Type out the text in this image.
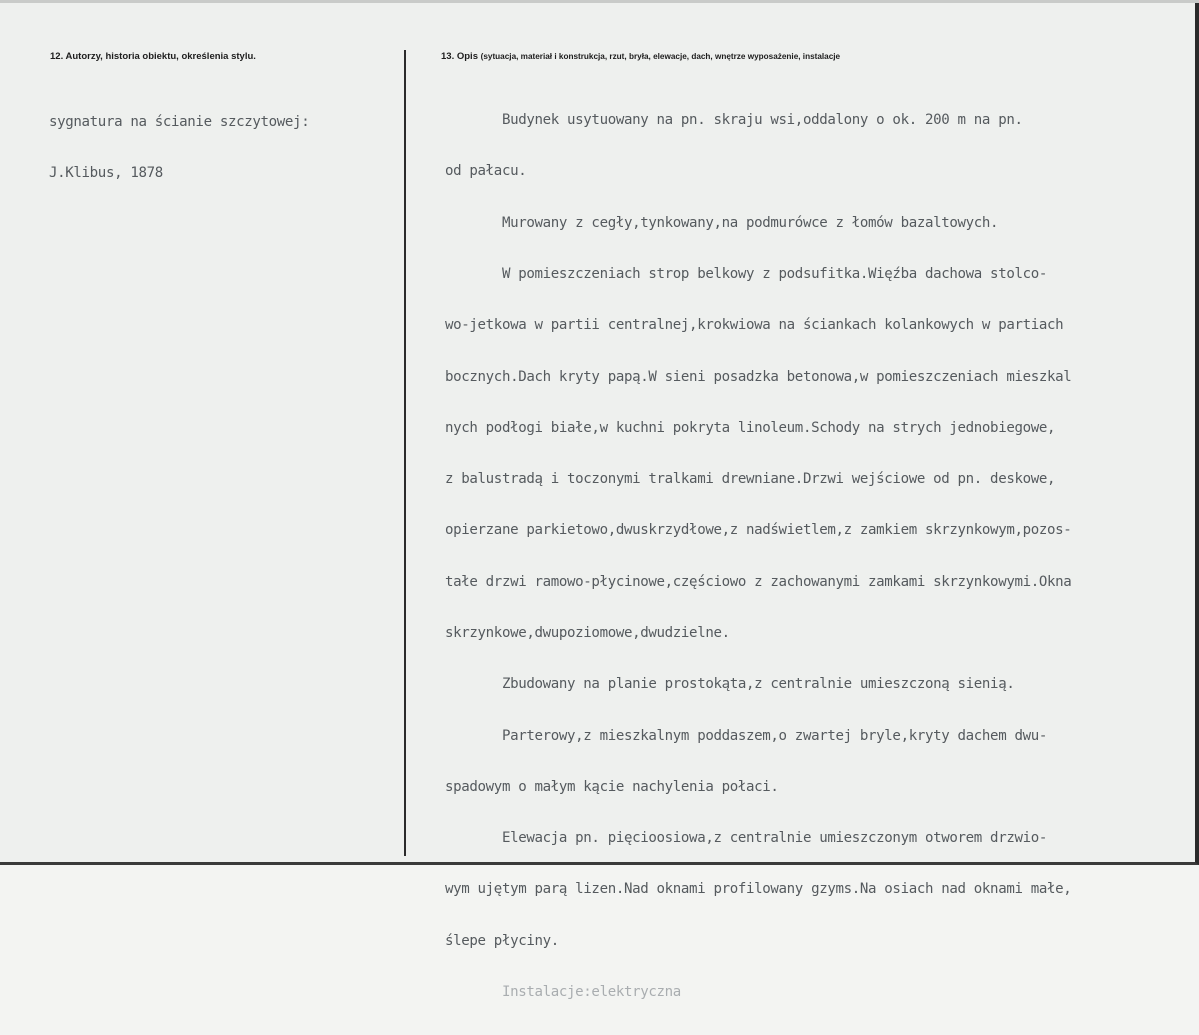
12. Autorzy, historia obiektu, określenia stylu.	13. Opis (sytuacja, materiał i konstrukcja, rzut, bryła, elewacje, dach, wnętrze wyposażenie, instalacje

sygnatura na ścianie szczytowej:

J.Klibus, 1878

Budynek usytuowany na pn. skraju wsi,oddalony o ok. 200 m na pn.

od pałacu.

Murowany z cegły,tynkowany,na podmurówce z łomów bazaltowych.

W pomieszczeniach strop belkowy z podsufitka.Więźba dachowa stolco-

wo-jetkowa w partii centralnej,krokwiowa na ściankach kolankowych w partiach

bocznych.Dach kryty papą.W sieni posadzka betonowa,w pomieszczeniach mieszkal

nych podłogi białe,w kuchni pokryta linoleum.Schody na strych jednobiegowe,

z balustradą i toczonymi tralkami drewniane.Drzwi wejściowe od pn. deskowe,

opierzane parkietowo,dwuskrzydłowe,z nadświetlem,z zamkiem skrzynkowym,pozos-

tałe drzwi ramowo-płycinowe,częściowo z zachowanymi zamkami skrzynkowymi.Okna

skrzynkowe,dwupoziomowe,dwudzielne.

Zbudowany na planie prostokąta,z centralnie umieszczoną sienią.

Parterowy,z mieszkalnym poddaszem,o zwartej bryle,kryty dachem dwu-

spadowym o małym kącie nachylenia połaci.

Elewacja pn. pięcioosiowa,z centralnie umieszczonym otworem drzwio-

wym ujętym parą lizen.Nad oknami profilowany gzyms.Na osiach nad oknami małe,

ślepe płyciny.

Instalacje:elektryczna
